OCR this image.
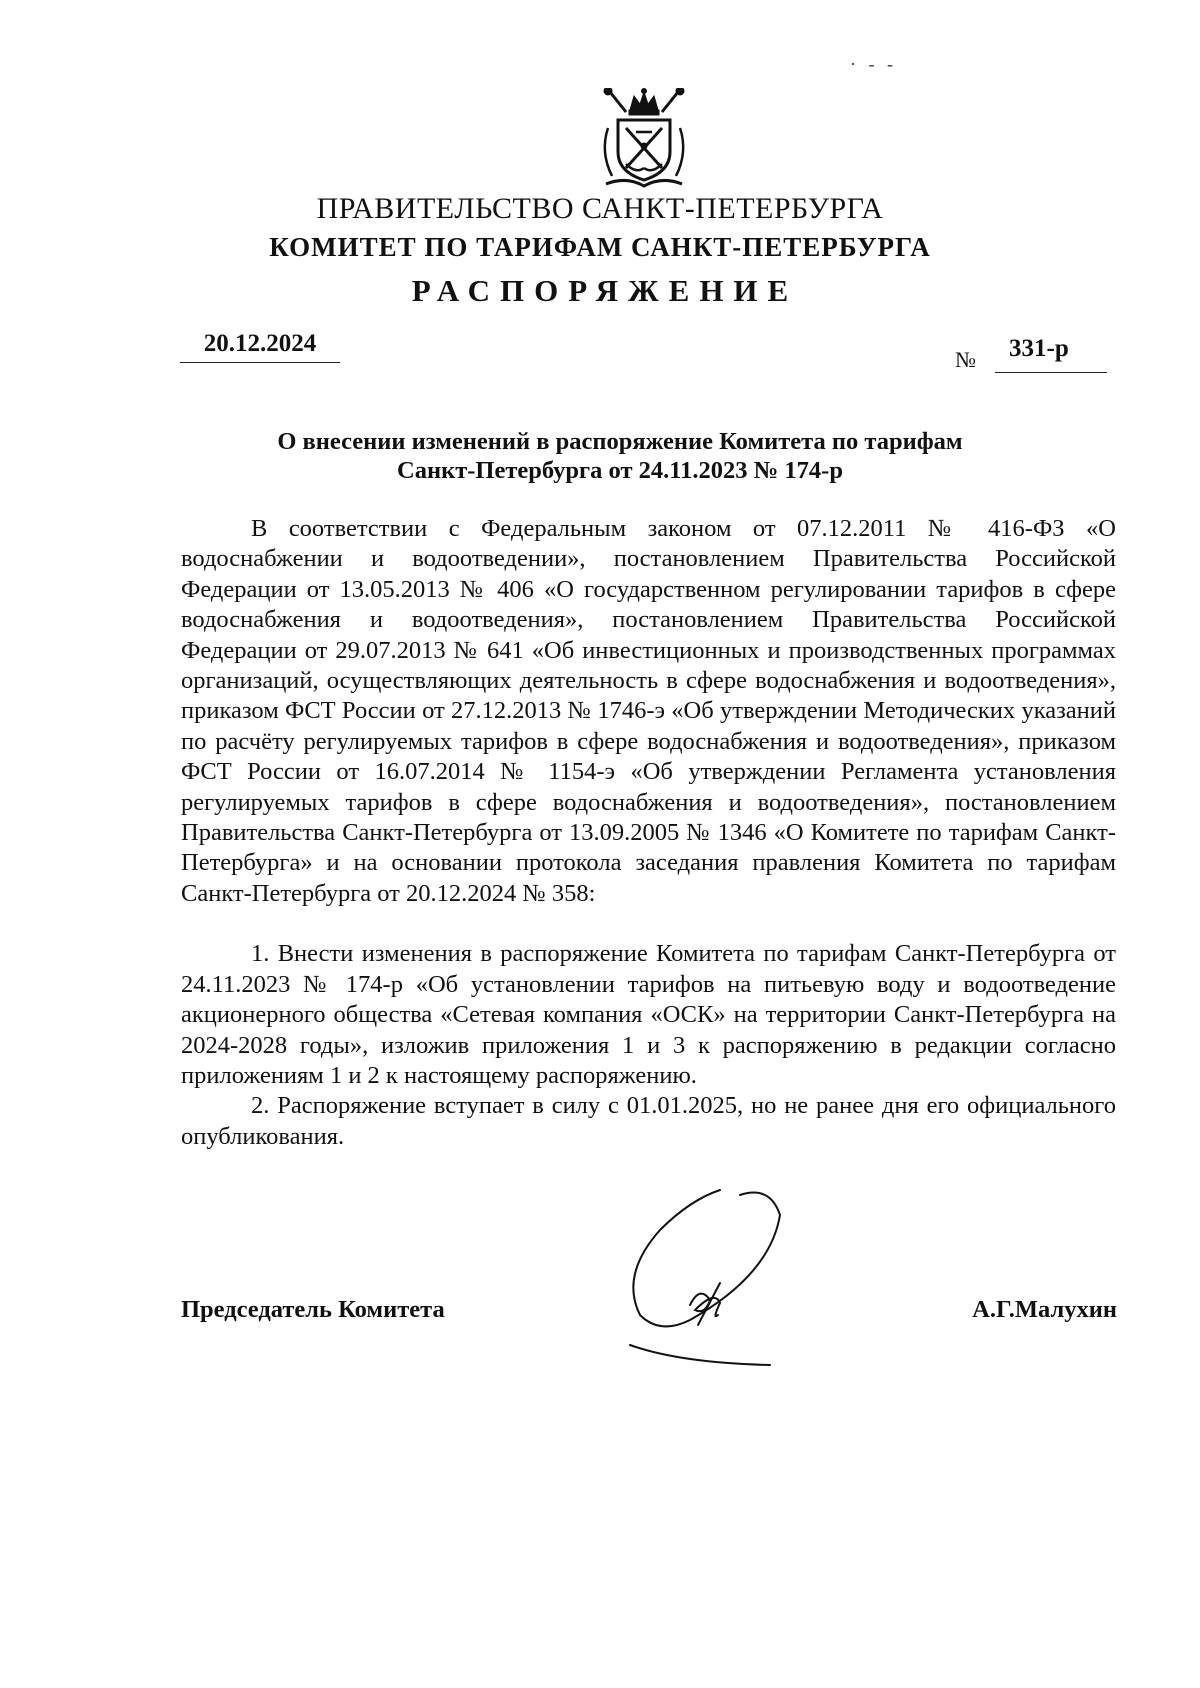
· ‐ ‐
ПРАВИТЕЛЬСТВО САНКТ-ПЕТЕРБУРГА
КОМИТЕТ ПО ТАРИФАМ САНКТ-ПЕТЕРБУРГА
РАСПОРЯЖЕНИЕ
20.12.2024
№	331-р
О внесении изменений в распоряжение Комитета по тарифам
Санкт-Петербурга от 24.11.2023 № 174-р

В соответствии с Федеральным законом от 07.12.2011 № 416-ФЗ «О водоснабжении и водоотведении», постановлением Правительства Российской Федерации от 13.05.2013 № 406 «О государственном регулировании тарифов в сфере водоснабжения и водоотведения», постановлением Правительства Российской Федерации от 29.07.2013 № 641 «Об инвестиционных и производственных программах организаций, осуществляющих деятельность в сфере водоснабжения и водоотведения», приказом ФСТ России от 27.12.2013 № 1746-э «Об утверждении Методических указаний по расчёту регулируемых тарифов в сфере водоснабжения и водоотведения», приказом ФСТ России от 16.07.2014 № 1154-э «Об утверждении Регламента установления регулируемых тарифов в сфере водоснабжения и водоотведения», постановлением Правительства Санкт-Петербурга от 13.09.2005 № 1346 «О Комитете по тарифам Санкт-Петербурга» и на основании протокола заседания правления Комитета по тарифам Санкт-Петербурга от 20.12.2024 № 358:

1. Внести изменения в распоряжение Комитета по тарифам Санкт-Петербурга от 24.11.2023 № 174-р «Об установлении тарифов на питьевую воду и водоотведение акционерного общества «Сетевая компания «ОСК» на территории Санкт-Петербурга на 2024-2028 годы», изложив приложения 1 и 3 к распоряжению в редакции согласно приложениям 1 и 2 к настоящему распоряжению.

2. Распоряжение вступает в силу с 01.01.2025, но не ранее дня его официального опубликования.

Председатель Комитета	А.Г.Малухин
